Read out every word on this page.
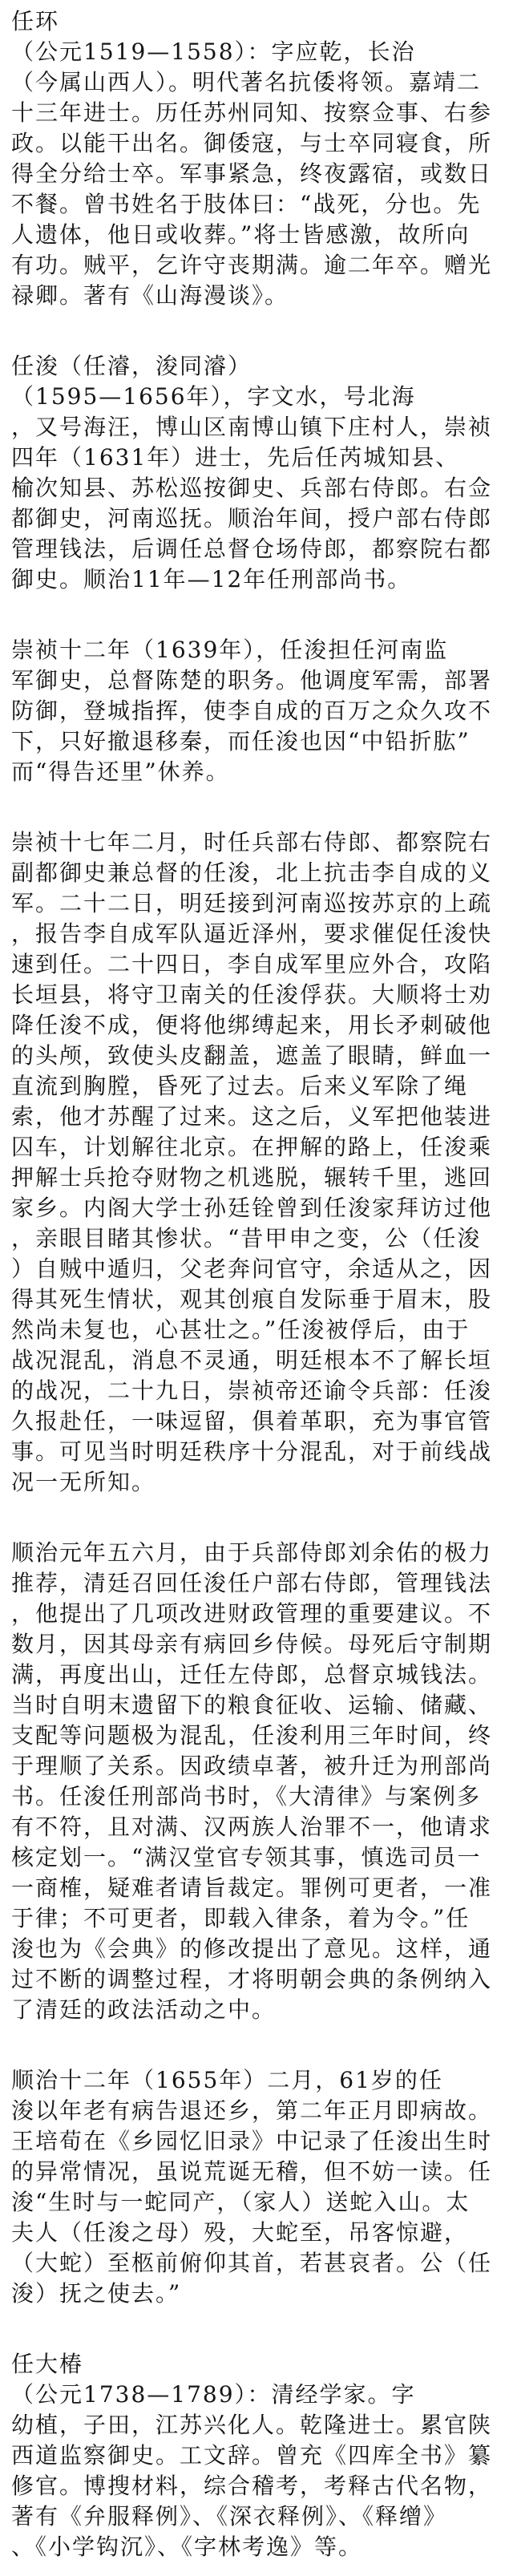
任环
（公元1519—1558）：字应乾，长治
（今属山西人）。明代著名抗倭将领。嘉靖二
十三年进士。历任苏州同知、按察佥事、右参
政。以能干出名。御倭寇，与士卒同寝食，所
得全分给士卒。军事紧急，终夜露宿，或数日
不餐。曾书姓名于肢体曰：“战死，分也。先
人遗体，他日或收葬。”将士皆感激，故所向
有功。贼平，乞许守丧期满。逾二年卒。赠光
禄卿。著有《山海漫谈》。
任浚（任濬，浚同濬）
（1595—1656年），字文水，号北海
，又号海汪，博山区南博山镇下庄村人，崇祯
四年（1631年）进士，先后任芮城知县、
榆次知县、苏松巡按御史、兵部右侍郎。右佥
都御史，河南巡抚。顺治年间，授户部右侍郎
管理钱法，后调任总督仓场侍郎，都察院右都
御史。顺治11年—12年任刑部尚书。
崇祯十二年（1639年），任浚担任河南监
军御史，总督陈楚的职务。他调度军需，部署
防御，登城指挥，使李自成的百万之众久攻不
下，只好撤退移秦，而任浚也因“中铅折肱”
而“得告还里”休养。
崇祯十七年二月，时任兵部右侍郎、都察院右
副都御史兼总督的任浚，北上抗击李自成的义
军。二十二日，明廷接到河南巡按苏京的上疏
，报告李自成军队逼近泽州，要求催促任浚快
速到任。二十四日，李自成军里应外合，攻陷
长垣县，将守卫南关的任浚俘获。大顺将士劝
降任浚不成，便将他绑缚起来，用长矛刺破他
的头颅，致使头皮翻盖，遮盖了眼睛，鲜血一
直流到胸膛，昏死了过去。后来义军除了绳
索，他才苏醒了过来。这之后，义军把他装进
囚车，计划解往北京。在押解的路上，任浚乘
押解士兵抢夺财物之机逃脱，辗转千里，逃回
家乡。内阁大学士孙廷铨曾到任浚家拜访过他
，亲眼目睹其惨状。“昔甲申之变，公（任浚
）自贼中遁归，父老奔问官守，余适从之，因
得其死生情状，观其创痕自发际垂于眉末，股
然尚未复也，心甚壮之。”任浚被俘后，由于
战况混乱，消息不灵通，明廷根本不了解长垣
的战况，二十九日，崇祯帝还谕令兵部：任浚
久报赴任，一味逗留，俱着革职，充为事官管
事。可见当时明廷秩序十分混乱，对于前线战
况一无所知。
顺治元年五六月，由于兵部侍郎刘余佑的极力
推荐，清廷召回任浚任户部右侍郎，管理钱法
，他提出了几项改进财政管理的重要建议。不
数月，因其母亲有病回乡侍候。母死后守制期
满，再度出山，迁任左侍郎，总督京城钱法。
当时自明末遗留下的粮食征收、运输、储藏、
支配等问题极为混乱，任浚利用三年时间，终
于理顺了关系。因政绩卓著，被升迁为刑部尚
书。任浚任刑部尚书时，《大清律》与案例多
有不符，且对满、汉两族人治罪不一，他请求
核定划一。“满汉堂官专领其事，慎选司员一
一商榷，疑难者请旨裁定。罪例可更者，一准
于律；不可更者，即载入律条，着为令。”任
浚也为《会典》的修改提出了意见。这样，通
过不断的调整过程，才将明朝会典的条例纳入
了清廷的政法活动之中。
顺治十二年（1655年）二月，61岁的任
浚以年老有病告退还乡，第二年正月即病故。
王培荀在《乡园忆旧录》中记录了任浚出生时
的异常情况，虽说荒诞无稽，但不妨一读。任
浚“生时与一蛇同产，（家人）送蛇入山。太
夫人（任浚之母）殁，大蛇至，吊客惊避，
（大蛇）至柩前俯仰其首，若甚哀者。公（任
浚）抚之使去。”
任大椿
（公元1738—1789）：清经学家。字
幼植，子田，江苏兴化人。乾隆进士。累官陕
西道监察御史。工文辞。曾充《四库全书》纂
修官。博搜材料，综合稽考，考释古代名物，
著有《弁服释例》、《深衣释例》、《释缯》
、《小学钩沉》、《字林考逸》等。
